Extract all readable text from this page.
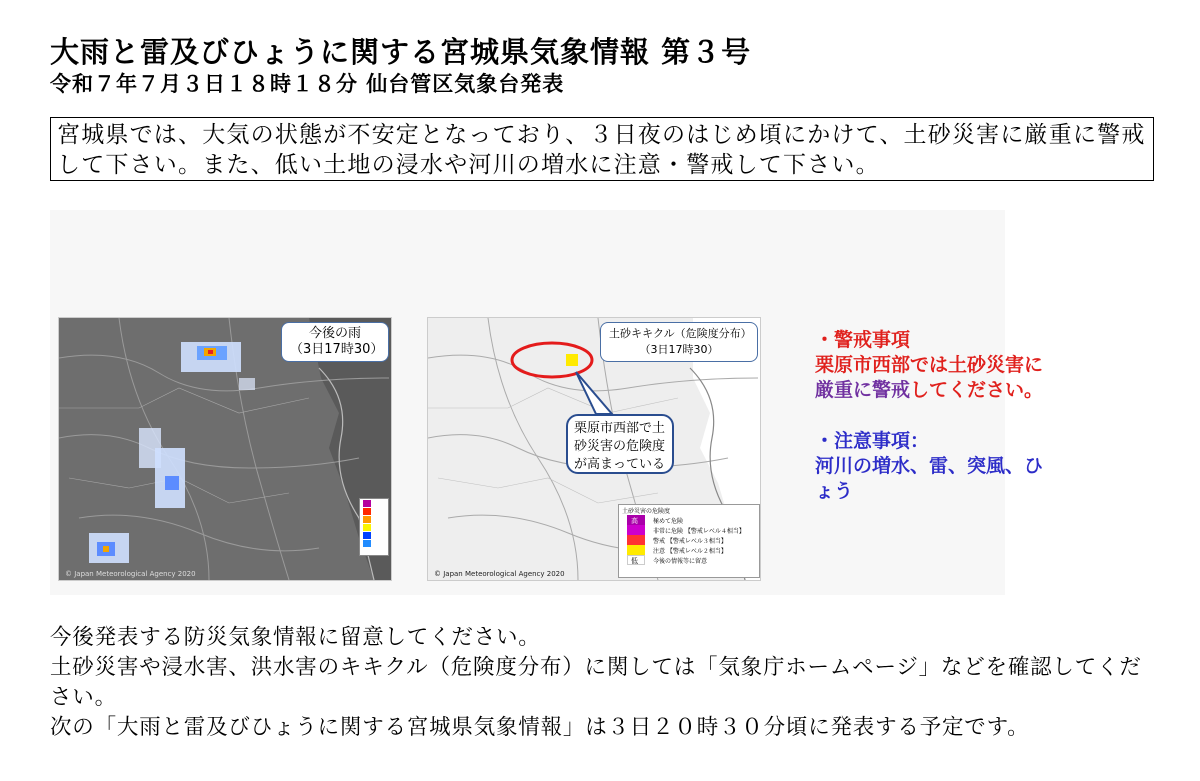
大雨と雷及びひょうに関する宮城県気象情報 第３号
令和７年７月３日１８時１８分 仙台管区気象台発表
宮城県では、大気の状態が不安定となっており、３日夜のはじめ頃にかけて、土砂災害に厳重に警戒して下さい。また、低い土地の浸水や河川の増水に注意・警戒して下さい。
今後の雨
（3日17時30）
© Japan Meteorological Agency 2020
土砂キキクル（危険度分布）
（3日17時30）
栗原市西部で土砂災害の危険度が高まっている
土砂災害の危険度
高
低
極めて危険
非常に危険 【警戒レベル４相当】
警戒 【警戒レベル３相当】
注意 【警戒レベル２相当】
今後の情報等に留意
© Japan Meteorological Agency 2020
・警戒事項
栗原市西部では土砂災害に厳重に警戒してください。
・注意事項：
河川の増水、雷、突風、ひょう
今後発表する防災気象情報に留意してください。
土砂災害や浸水害、洪水害のキキクル（危険度分布）に関しては「気象庁ホームページ」などを確認してください。
次の「大雨と雷及びひょうに関する宮城県気象情報」は３日２０時３０分頃に発表する予定です。
